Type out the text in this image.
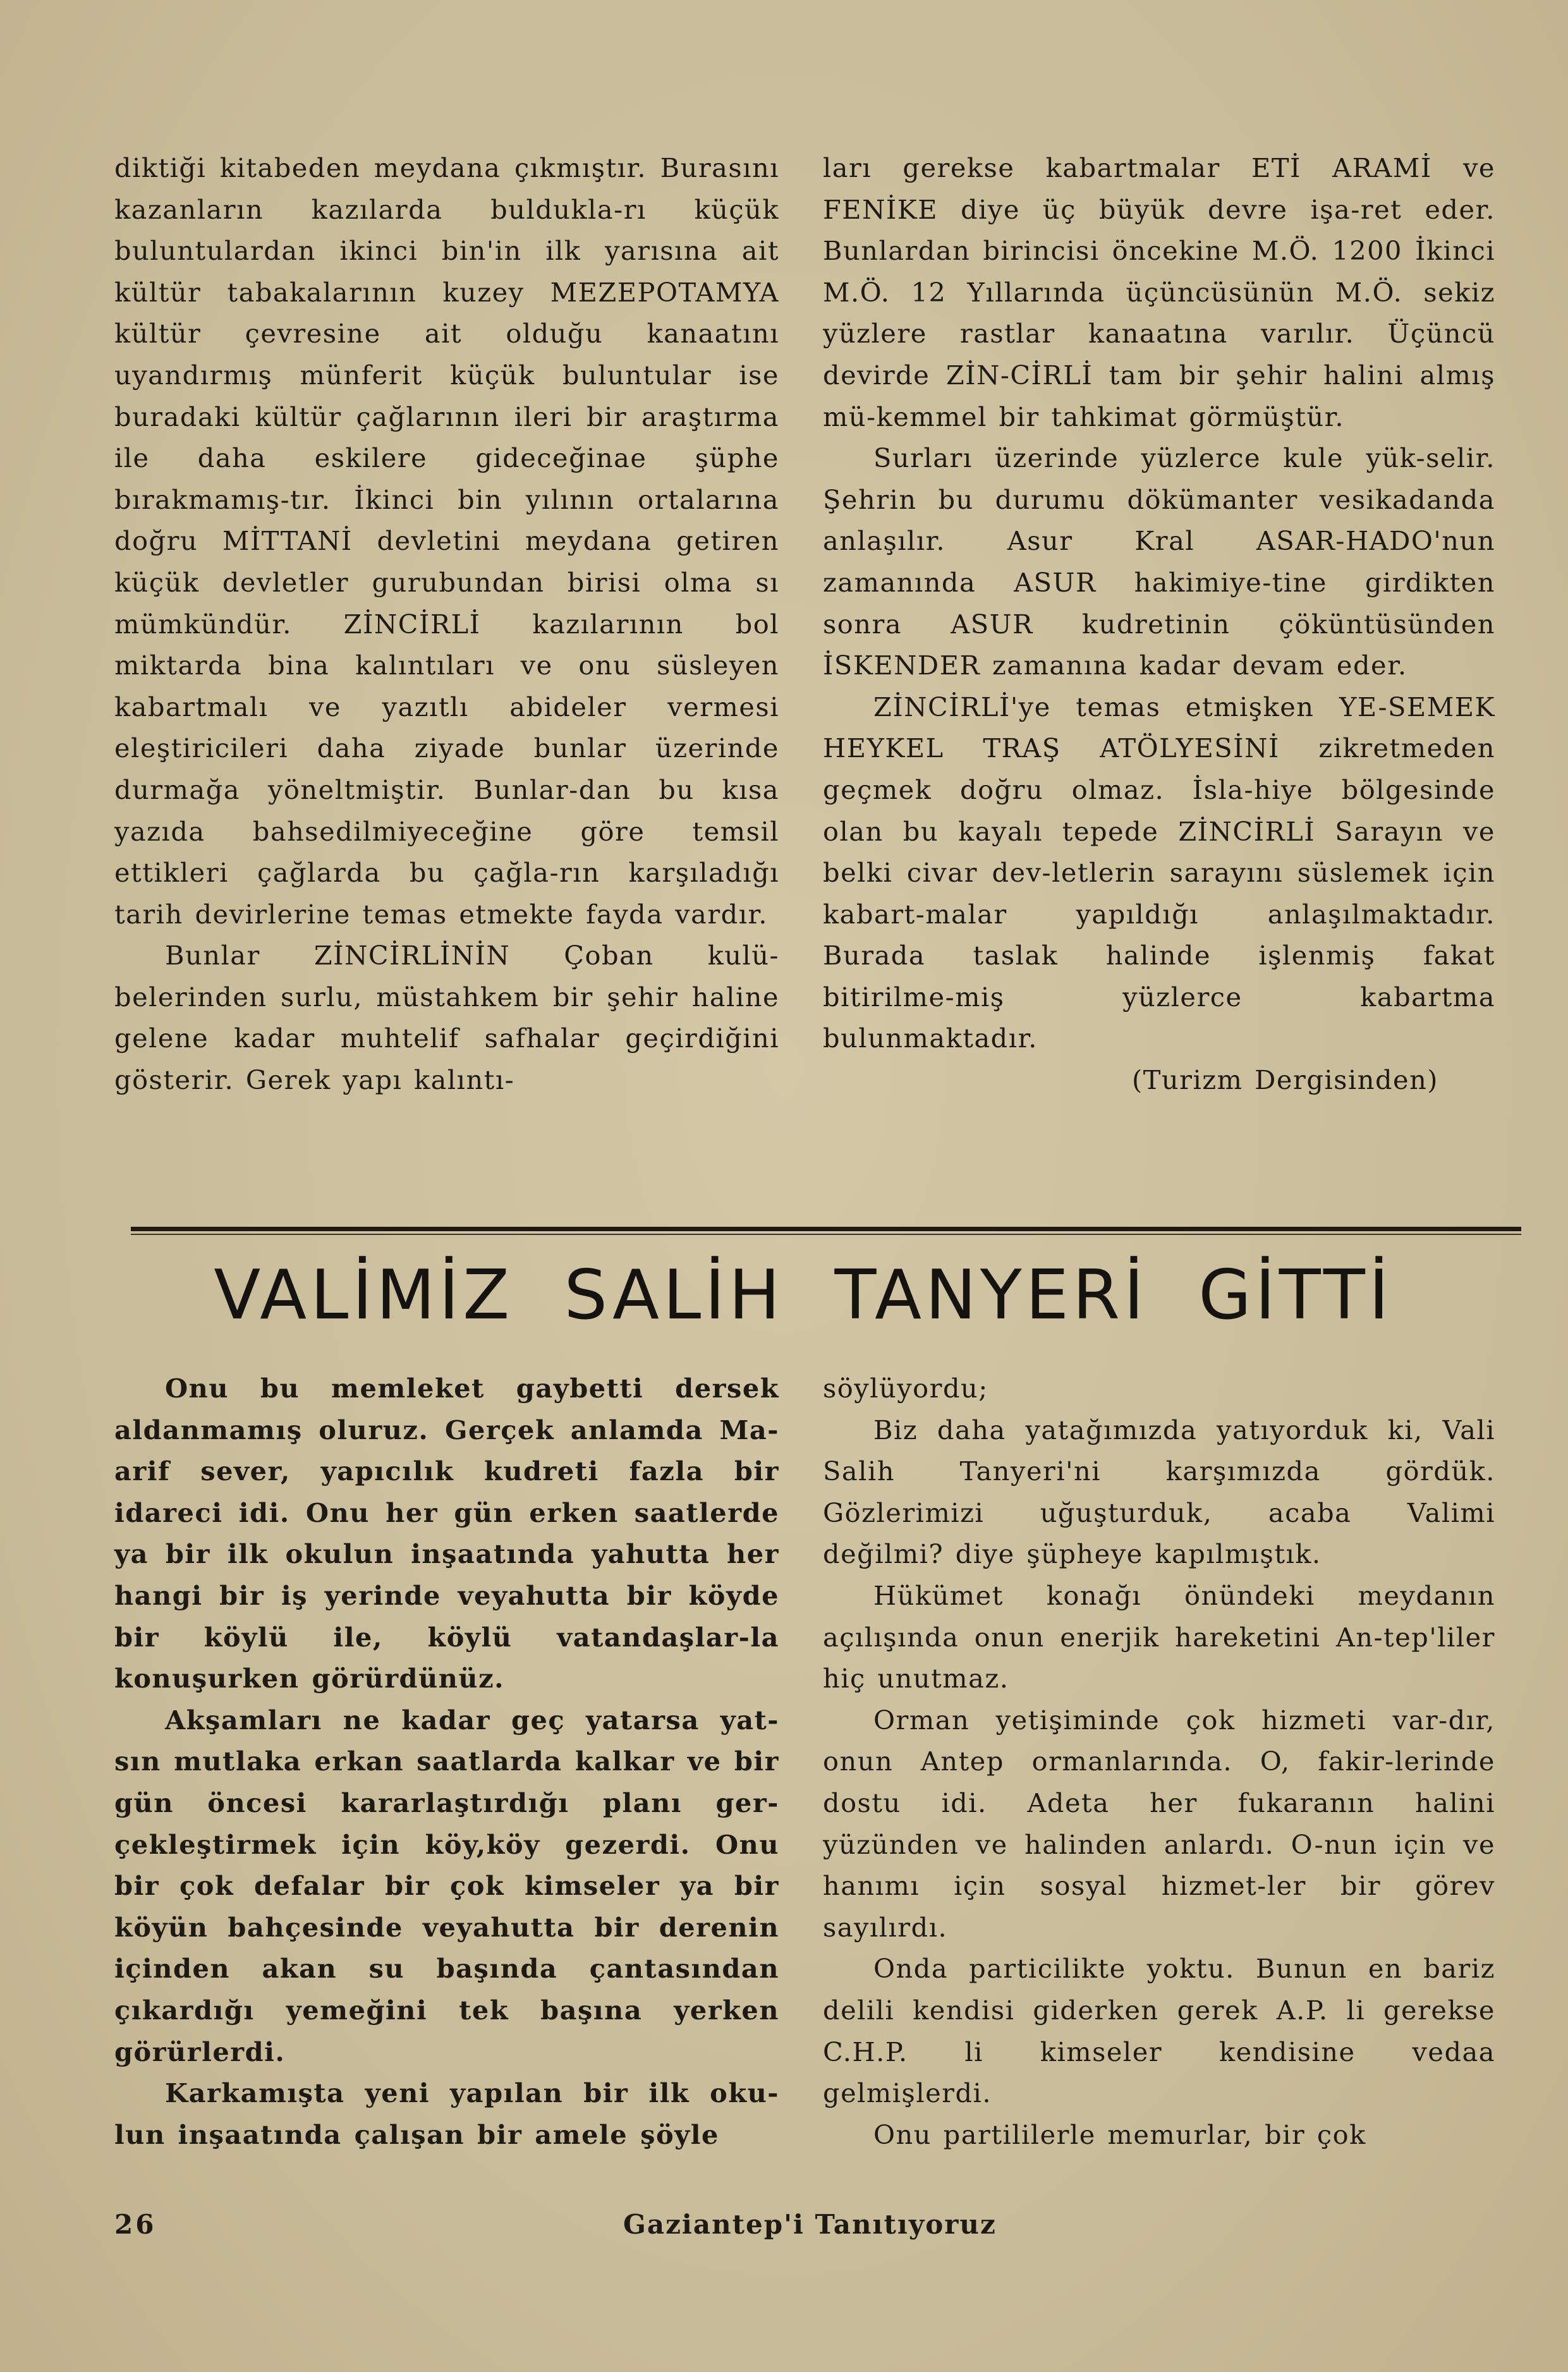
diktiği kitabeden meydana çıkmıştır. Burasını kazanların kazılarda buldukla-rı küçük buluntulardan ikinci bin'in ilk yarısına ait kültür tabakalarının kuzey MEZEPOTAMYA kültür çevresine ait olduğu kanaatını uyandırmış münferit küçük buluntular ise buradaki kültür çağlarının ileri bir araştırma ile daha eskilere gideceğinae şüphe bırakmamış-tır. İkinci bin yılının ortalarına doğru MİTTANİ devletini meydana getiren küçük devletler gurubundan birisi olma sı mümkündür. ZİNCİRLİ kazılarının bol miktarda bina kalıntıları ve onu süsleyen kabartmalı ve yazıtlı abideler vermesi eleştiricileri daha ziyade bunlar üzerinde durmağa yöneltmiştir. Bunlar-dan bu kısa yazıda bahsedilmiyeceğine göre temsil ettikleri çağlarda bu çağla-rın karşıladığı tarih devirlerine temas etmekte fayda vardır.

Bunlar ZİNCİRLİNİN Çoban kulü-belerinden surlu, müstahkem bir şehir haline gelene kadar muhtelif safhalar geçirdiğini gösterir. Gerek yapı kalıntı-

ları gerekse kabartmalar ETİ ARAMİ ve FENİKE diye üç büyük devre işa-ret eder. Bunlardan birincisi öncekine M.Ö. 1200 İkinci M.Ö. 12 Yıllarında üçüncüsünün M.Ö. sekiz yüzlere rastlar kanaatına varılır. Üçüncü devirde ZİN-CİRLİ tam bir şehir halini almış mü-kemmel bir tahkimat görmüştür.

Surları üzerinde yüzlerce kule yük-selir. Şehrin bu durumu dökümanter vesikadanda anlaşılır. Asur Kral ASAR-HADO'nun zamanında ASUR hakimiye-tine girdikten sonra ASUR kudretinin çöküntüsünden İSKENDER zamanına kadar devam eder.

ZİNCİRLİ'ye temas etmişken YE-SEMEK HEYKEL TRAŞ ATÖLYESİNİ zikretmeden geçmek doğru olmaz. İsla-hiye bölgesinde olan bu kayalı tepede ZİNCİRLİ Sarayın ve belki civar dev-letlerin sarayını süslemek için kabart-malar yapıldığı anlaşılmaktadır. Burada taslak halinde işlenmiş fakat bitirilme-miş yüzlerce kabartma bulunmaktadır.

(Turizm Dergisinden)

VALİMİZ SALİH TANYERİ GİTTİ

Onu bu memleket gaybetti dersek aldanmamış oluruz. Gerçek anlamda Ma-arif sever, yapıcılık kudreti fazla bir idareci idi. Onu her gün erken saatlerde ya bir ilk okulun inşaatında yahutta her hangi bir iş yerinde veyahutta bir köyde bir köylü ile, köylü vatandaşlar-la konuşurken görürdünüz.

Akşamları ne kadar geç yatarsa yat-sın mutlaka erkan saatlarda kalkar ve bir gün öncesi kararlaştırdığı planı ger-çekleştirmek için köy,köy gezerdi. Onu bir çok defalar bir çok kimseler ya bir köyün bahçesinde veyahutta bir derenin içinden akan su başında çantasından çıkardığı yemeğini tek başına yerken görürlerdi.

Karkamışta yeni yapılan bir ilk oku-lun inşaatında çalışan bir amele şöyle

söylüyordu;

Biz daha yatağımızda yatıyorduk ki, Vali Salih Tanyeri'ni karşımızda gördük. Gözlerimizi uğuşturduk, acaba Valimi değilmi? diye şüpheye kapılmıştık.

Hükümet konağı önündeki meydanın açılışında onun enerjik hareketini An-tep'liler hiç unutmaz.

Orman yetişiminde çok hizmeti var-dır, onun Antep ormanlarında. O, fakir-lerinde dostu idi. Adeta her fukaranın halini yüzünden ve halinden anlardı. O-nun için ve hanımı için sosyal hizmet-ler bir görev sayılırdı.

Onda particilikte yoktu. Bunun en bariz delili kendisi giderken gerek A.P. li gerekse C.H.P. li kimseler kendisine vedaa gelmişlerdi.

Onu partililerle memurlar, bir çok

26	Gaziantep'i Tanıtıyoruz
